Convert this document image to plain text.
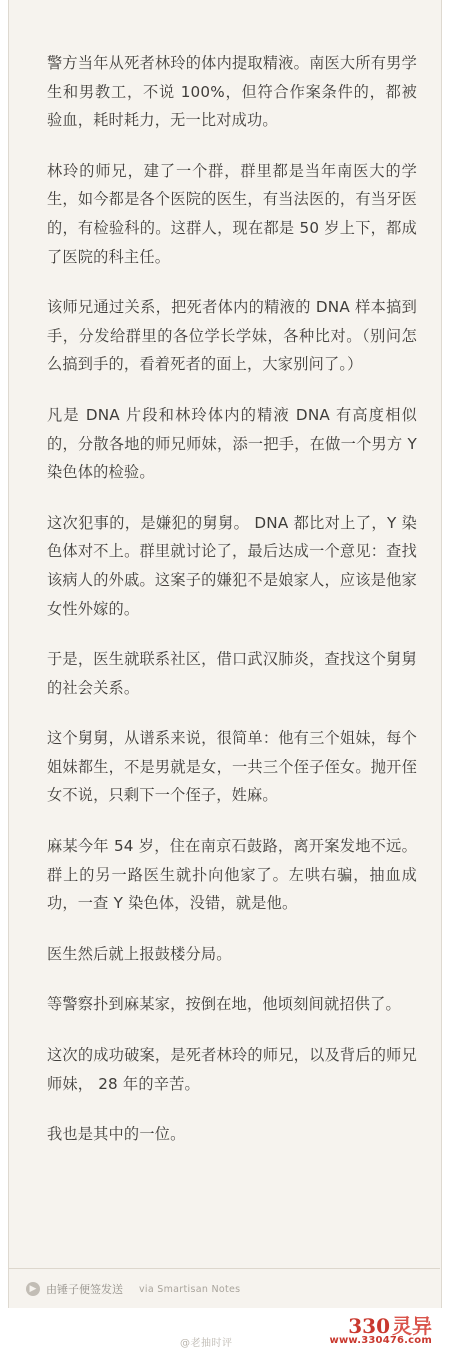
警方当年从死者林玲的体内提取精液。南医大所有男学生和男教工，不说 100%，但符合作案条件的，都被验血，耗时耗力，无一比对成功。

林玲的师兄，建了一个群，群里都是当年南医大的学生，如今都是各个医院的医生，有当法医的，有当牙医的，有检验科的。这群人，现在都是 50 岁上下，都成了医院的科主任。

该师兄通过关系，把死者体内的精液的 DNA 样本搞到手，分发给群里的各位学长学妹，各种比对。（别问怎么搞到手的，看着死者的面上，大家别问了。）

凡是 DNA 片段和林玲体内的精液 DNA 有高度相似的，分散各地的师兄师妹，添一把手，在做一个男方 Y 染色体的检验。

这次犯事的，是嫌犯的舅舅。 DNA 都比对上了，Y 染色体对不上。群里就讨论了，最后达成一个意见：查找该病人的外戚。这案子的嫌犯不是娘家人，应该是他家女性外嫁的。

于是，医生就联系社区，借口武汉肺炎，查找这个舅舅的社会关系。

这个舅舅，从谱系来说，很简单：他有三个姐妹，每个姐妹都生，不是男就是女，一共三个侄子侄女。抛开侄女不说，只剩下一个侄子，姓麻。

麻某今年 54 岁，住在南京石鼓路，离开案发地不远。群上的另一路医生就扑向他家了。左哄右骗，抽血成功，一查 Y 染色体，没错，就是他。

医生然后就上报鼓楼分局。

等警察扑到麻某家，按倒在地，他顷刻间就招供了。

这次的成功破案，是死者林玲的师兄，以及背后的师兄师妹， 28 年的辛苦。

我也是其中的一位。

▶ 由锤子便签发送 via Smartisan Notes
@老抽时评
330 灵异
www.330476.com
